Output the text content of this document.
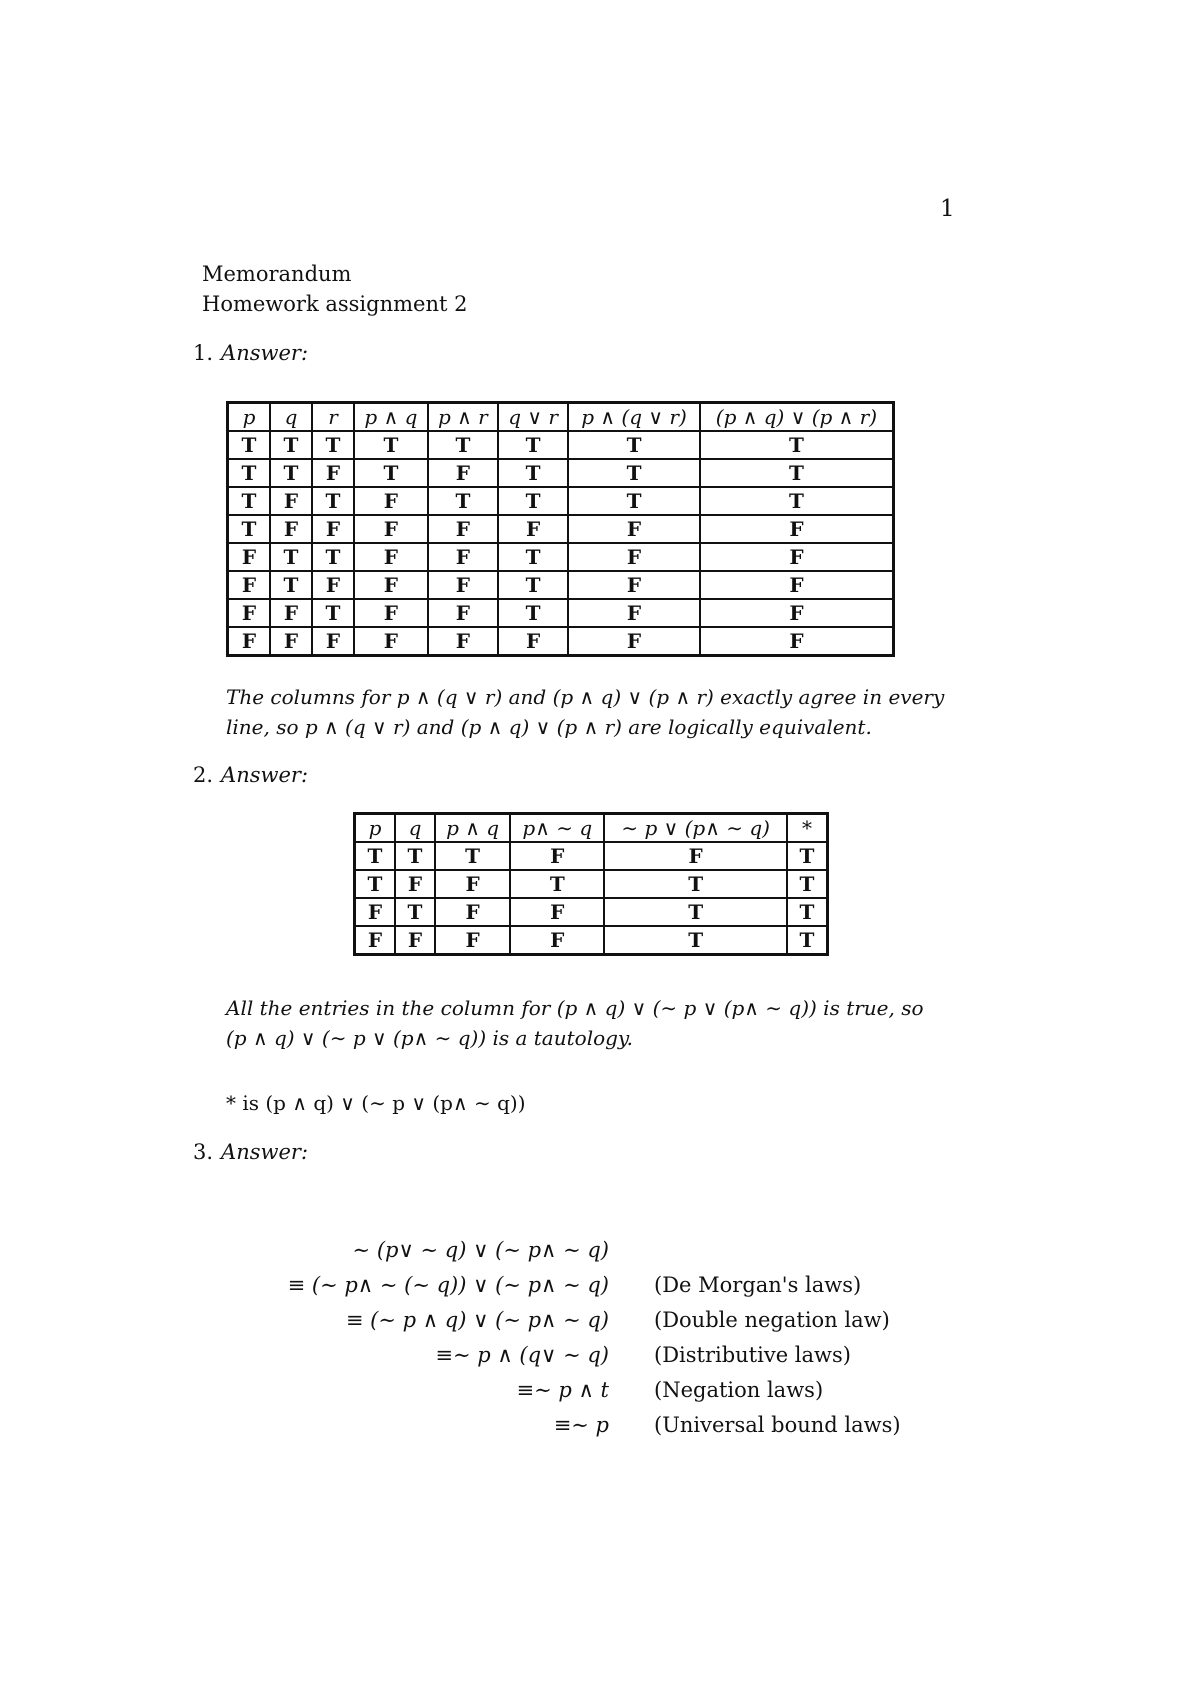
1
Memorandum
Homework assignment 2
1. Answer:
p	q	r	p ∧ q	p ∧ r	q ∨ r	p ∧ (q ∨ r)	(p ∧ q) ∨ (p ∧ r)
T	T	T	T	T	T	T	T
T	T	F	T	F	T	T	T
T	F	T	F	T	T	T	T
T	F	F	F	F	F	F	F
F	T	T	F	F	T	F	F
F	T	F	F	F	T	F	F
F	F	T	F	F	T	F	F
F	F	F	F	F	F	F	F
The columns for p ∧ (q ∨ r) and (p ∧ q) ∨ (p ∧ r) exactly agree in every
line, so p ∧ (q ∨ r) and (p ∧ q) ∨ (p ∧ r) are logically equivalent.
2. Answer:
p	q	p ∧ q	p∧ ∼ q	∼ p ∨ (p∧ ∼ q)	*
T	T	T	F	F	T
T	F	F	T	T	T
F	T	F	F	T	T
F	F	F	F	T	T
All the entries in the column for (p ∧ q) ∨ (∼ p ∨ (p∧ ∼ q)) is true, so
(p ∧ q) ∨ (∼ p ∨ (p∧ ∼ q)) is a tautology.
* is (p ∧ q) ∨ (∼ p ∨ (p∧ ∼ q))
3. Answer:
∼ (p∨ ∼ q) ∨ (∼ p∧ ∼ q)
≡ (∼ p∧ ∼ (∼ q)) ∨ (∼ p∧ ∼ q) (De Morgan's laws)
≡ (∼ p ∧ q) ∨ (∼ p∧ ∼ q) (Double negation law)
≡∼ p ∧ (q∨ ∼ q) (Distributive laws)
≡∼ p ∧ t (Negation laws)
≡∼ p (Universal bound laws)
